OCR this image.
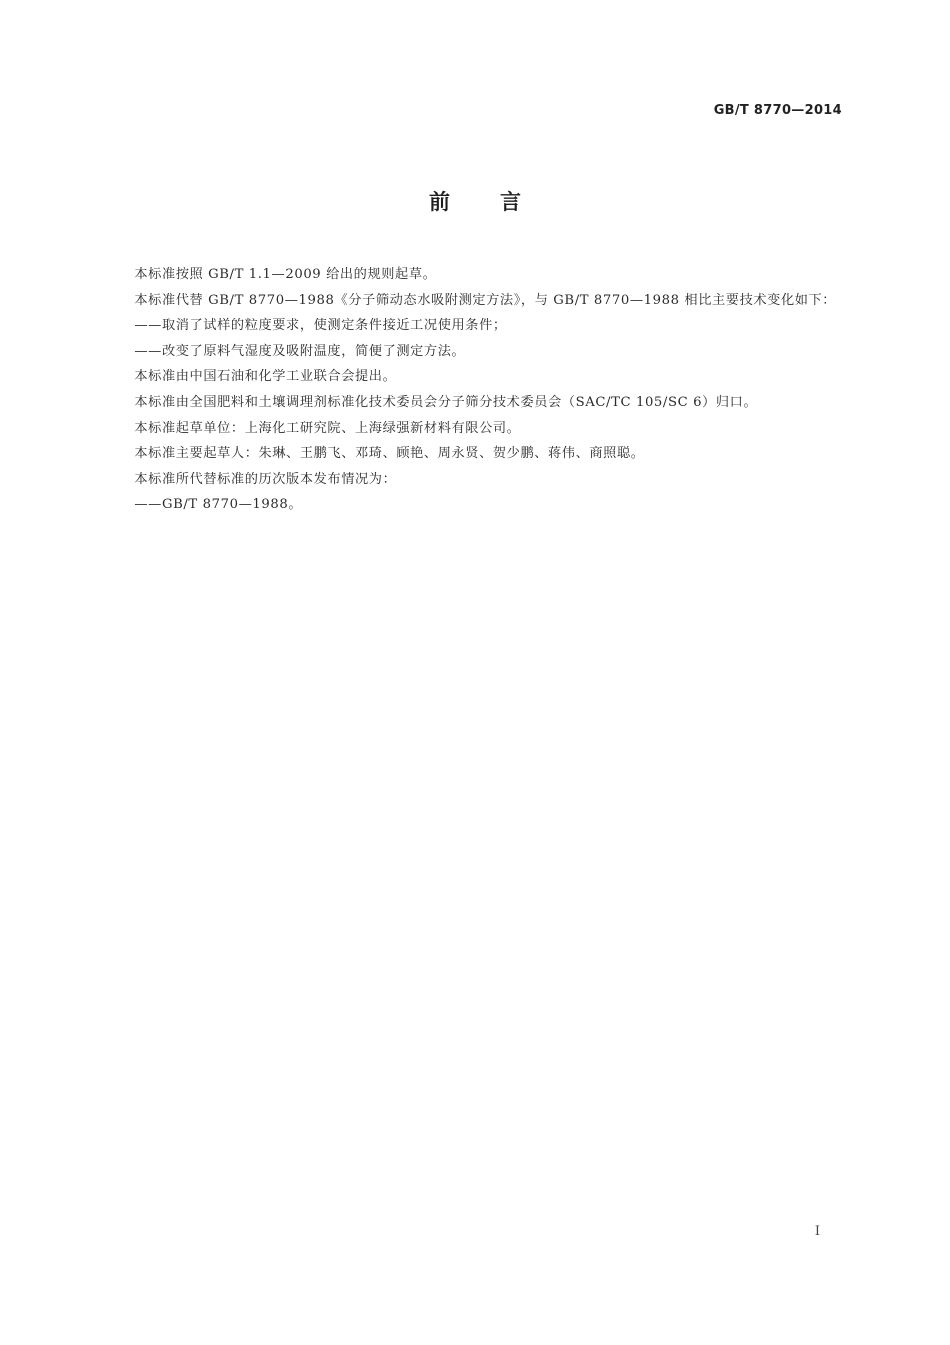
GB/T 8770—2014
前言

本标准按照 GB/T 1.1—2009 给出的规则起草。

本标准代替 GB/T 8770—1988《分子筛动态水吸附测定方法》，与 GB/T 8770—1988 相比主要技术变化如下：

——取消了试样的粒度要求，使测定条件接近工况使用条件；

——改变了原料气湿度及吸附温度，简便了测定方法。

本标准由中国石油和化学工业联合会提出。

本标准由全国肥料和土壤调理剂标准化技术委员会分子筛分技术委员会（SAC/TC 105/SC 6）归口。

本标准起草单位：上海化工研究院、上海绿强新材料有限公司。

本标准主要起草人：朱琳、王鹏飞、邓琦、顾艳、周永贤、贺少鹏、蒋伟、商照聪。

本标准所代替标准的历次版本发布情况为：

——GB/T 8770—1988。

I
